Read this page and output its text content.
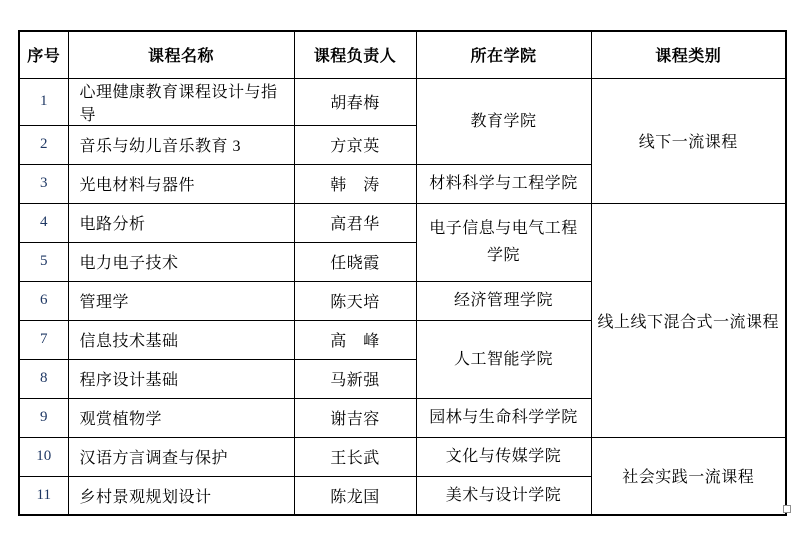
序号	课程名称	课程负责人	所在学院	课程类别
1	心理健康教育课程设计与指导	胡春梅	教育学院	线下一流课程
2	音乐与幼儿音乐教育 3	方京英		
3	光电材料与器件	韩　涛	材料科学与工程学院	
4	电路分析	高君华	电子信息与电气工程学院	线上线下混合式一流课程
5	电力电子技术	任晓霞		
6	管理学	陈天培	经济管理学院	
7	信息技术基础	高　峰	人工智能学院	
8	程序设计基础	马新强		
9	观赏植物学	谢吉容	园林与生命科学学院	
10	汉语方言调查与保护	王长武	文化与传媒学院	社会实践一流课程
11	乡村景观规划设计	陈龙国	美术与设计学院	
